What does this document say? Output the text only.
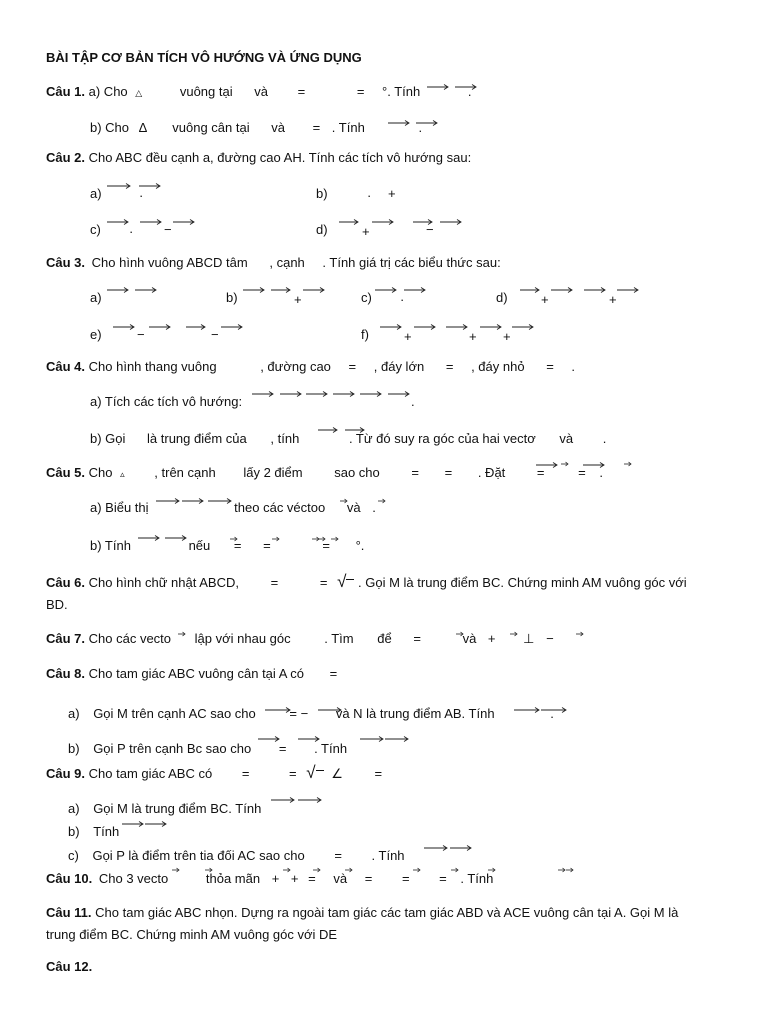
BÀI TẬP CƠ BẢN TÍCH VÔ HƯỚNG VÀ ỨNG DỤNG
Câu 1. a) Cho △	vuông tại và =	= °. Tính	.
b) Cho Δ vuông cân tại và = . Tính	.
Câu 2. Cho ABC đều cạnh a, đường cao AH. Tính các tích vô hướng sau:
a)	·	b)	· +
c) · −	d)	+	−
Câu 3. Cho hình vuông ABCD tâm , cạnh . Tính giá trị các biểu thức sau:
a)	b)	+	c) ·	d)	+	+
e)	−	−	f)	+	+ +
Câu 4. Cho hình thang vuông	, đường cao = , đáy lớn = , đáy nhỏ = .
a) Tích các tích vô hướng:	.
b) Gọi là trung điểm của , tính	. Từ đó suy ra góc của hai vectơ và .
Câu 5. Cho ▵ , trên cạnh lấy 2 điểm sao cho = = . Đặt =	= .
a) Biểu thị	theo các véctoo và .
b) Tính	nếu = =	= °.
Câu 6. Cho hình chữ nhật ABCD, =	= √ . Gọi M là trung điểm BC. Chứng minh AM vuông góc với
BD.
Câu 7. Cho các vecto lập với nhau góc	. Tìm để =	và + ⊥ −
Câu 8. Cho tam giác ABC vuông cân tại A có =
a) Gọi M trên cạnh AC sao cho	= − và N là trung điểm AB. Tính	.
b) Gọi P trên cạnh Bc sao cho = . Tính
Câu 9. Cho tam giác ABC có =	= √ ∠ =
a) Gọi M là trung điểm BC. Tính
b) Tính
c) Gọi P là điểm trên tia đối AC sao cho = . Tính
Câu 10. Cho 3 vecto	thỏa mãn + + = và = = = . Tính
Câu 11. Cho tam giác ABC nhọn. Dựng ra ngoài tam giác các tam giác ABD và ACE vuông cân tại A. Gọi M là
trung điểm BC. Chứng minh AM vuông góc với DE
Câu 12.
